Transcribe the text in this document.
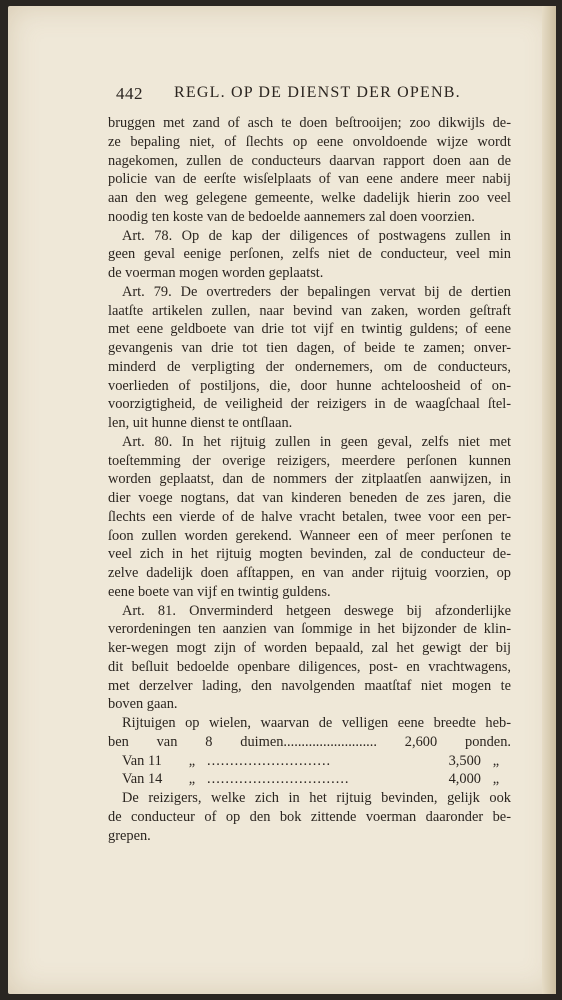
442 REGL. OP DE DIENST DER OPENB.
bruggen met zand of asch te doen beſtrooijen; zoo dikwijls de-
ze bepaling niet, of ſlechts op eene onvoldoende wijze wordt
nagekomen, zullen de conducteurs daarvan rapport doen aan de
policie van de eerſte wisſelplaats of van eene andere meer nabij
aan den weg gelegene gemeente, welke dadelijk hierin zoo veel
noodig ten koste van de bedoelde aannemers zal doen voorzien.
Art. 78. Op de kap der diligences of postwagens zullen in
geen geval eenige perſonen, zelfs niet de conducteur, veel min
de voerman mogen worden geplaatst.
Art. 79. De overtreders der bepalingen vervat bij de dertien
laatſte artikelen zullen, naar bevind van zaken, worden geſtraft
met eene geldboete van drie tot vijf en twintig guldens; of eene
gevangenis van drie tot tien dagen, of beide te zamen; onver-
minderd de verpligting der ondernemers, om de conducteurs,
voerlieden of postiljons, die, door hunne achteloosheid of on-
voorzigtigheid, de veiligheid der reizigers in de waagſchaal ſtel-
len, uit hunne dienst te ontſlaan.
Art. 80. In het rijtuig zullen in geen geval, zelfs niet met
toeſtemming der overige reizigers, meerdere perſonen kunnen
worden geplaatst, dan de nommers der zitplaatſen aanwijzen, in
dier voege nogtans, dat van kinderen beneden de zes jaren, die
ſlechts een vierde of de halve vracht betalen, twee voor een per-
ſoon zullen worden gerekend. Wanneer een of meer perſonen te
veel zich in het rijtuig mogten bevinden, zal de conducteur de-
zelve dadelijk doen afſtappen, en van ander rijtuig voorzien, op
eene boete van vijf en twintig guldens.
Art. 81. Onverminderd hetgeen deswege bij afzonderlijke
verordeningen ten aanzien van ſommige in het bijzonder de klin-
ker-wegen mogt zijn of worden bepaald, zal het gewigt der bij
dit beſluit bedoelde openbare diligences, post- en vrachtwagens,
met derzelver lading, den navolgenden maatſtaf niet mogen te
boven gaan.
Rijtuigen op wielen, waarvan de velligen eene breedte heb-
ben van 8 duimen.......................... 2,600 ponden.
Van 11	„ ...........................	3,500 „
Van 14	„ ...............................	4,000 „
De reizigers, welke zich in het rijtuig bevinden, gelijk ook
de conducteur of op den bok zittende voerman daaronder be-
grepen.
